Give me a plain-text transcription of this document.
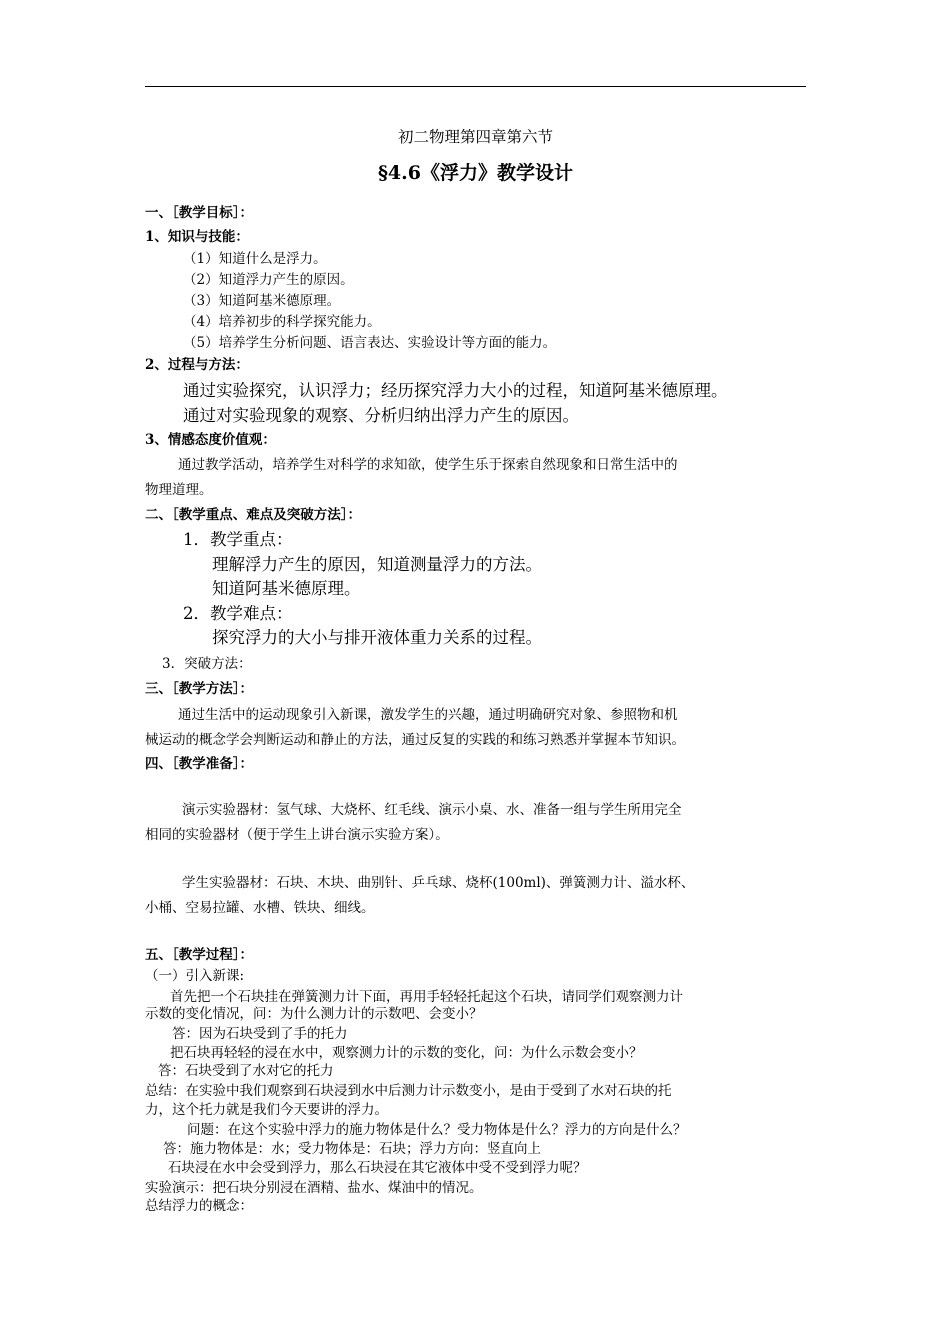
初二物理第四章第六节
§4.6《浮力》教学设计
一、［教学目标］：
1、知识与技能：
（1）知道什么是浮力。
（2）知道浮力产生的原因。
（3）知道阿基米德原理。
（4）培养初步的科学探究能力。
（5）培养学生分析问题、语言表达、实验设计等方面的能力。
2、过程与方法：
通过实验探究，认识浮力；经历探究浮力大小的过程，知道阿基米德原理。
通过对实验现象的观察、分析归纳出浮力产生的原因。
3、情感态度价值观：
通过教学活动，培养学生对科学的求知欲，使学生乐于探索自然现象和日常生活中的
物理道理。
二、［教学重点、难点及突破方法］：
1．教学重点：
理解浮力产生的原因，知道测量浮力的方法。
知道阿基米德原理。
2．教学难点：
探究浮力的大小与排开液体重力关系的过程。
3．突破方法：
三、［教学方法］：
通过生活中的运动现象引入新课，激发学生的兴趣，通过明确研究对象、参照物和机
械运动的概念学会判断运动和静止的方法，通过反复的实践的和练习熟悉并掌握本节知识。
四、［教学准备］：
演示实验器材：氢气球、大烧杯、红毛线、演示小桌、水、准备一组与学生所用完全
相同的实验器材（便于学生上讲台演示实验方案）。
学生实验器材：石块、木块、曲别针、乒乓球、烧杯(100ml)、弹簧测力计、溢水杯、
小桶、空易拉罐、水槽、铁块、细线。
五、［教学过程］：
（一）引入新课:
首先把一个石块挂在弹簧测力计下面，再用手轻轻托起这个石块，请同学们观察测力计
示数的变化情况，问：为什么测力计的示数吧、会变小？
答：因为石块受到了手的托力
把石块再轻轻的浸在水中，观察测力计的示数的变化，问：为什么示数会变小？
答：石块受到了水对它的托力
总结：在实验中我们观察到石块浸到水中后测力计示数变小，是由于受到了水对石块的托
力，这个托力就是我们今天要讲的浮力。
问题：在这个实验中浮力的施力物体是什么？受力物体是什么？浮力的方向是什么？
答：施力物体是：水；受力物体是：石块；浮力方向：竖直向上
石块浸在水中会受到浮力，那么石块浸在其它液体中受不受到浮力呢？
实验演示：把石块分别浸在酒精、盐水、煤油中的情况。
总结浮力的概念：
